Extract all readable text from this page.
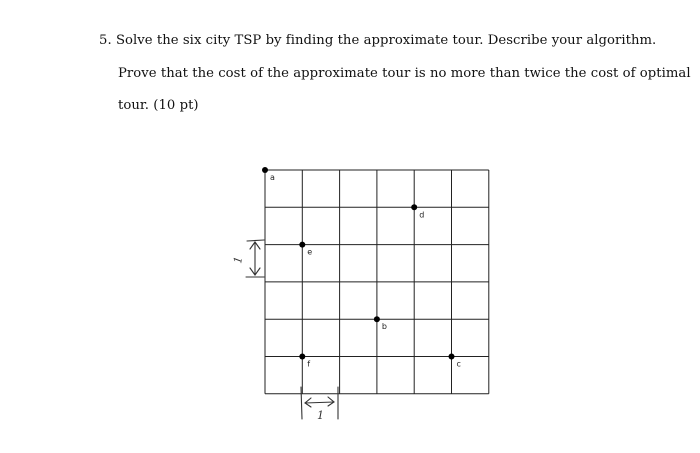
5. Solve the six city TSP by finding the approximate tour. Describe your algorithm.
Prove that the cost of the approximate tour is no more than twice the cost of optimal
tour. (10 pt)
a
d
e
b
f	c
1
1
